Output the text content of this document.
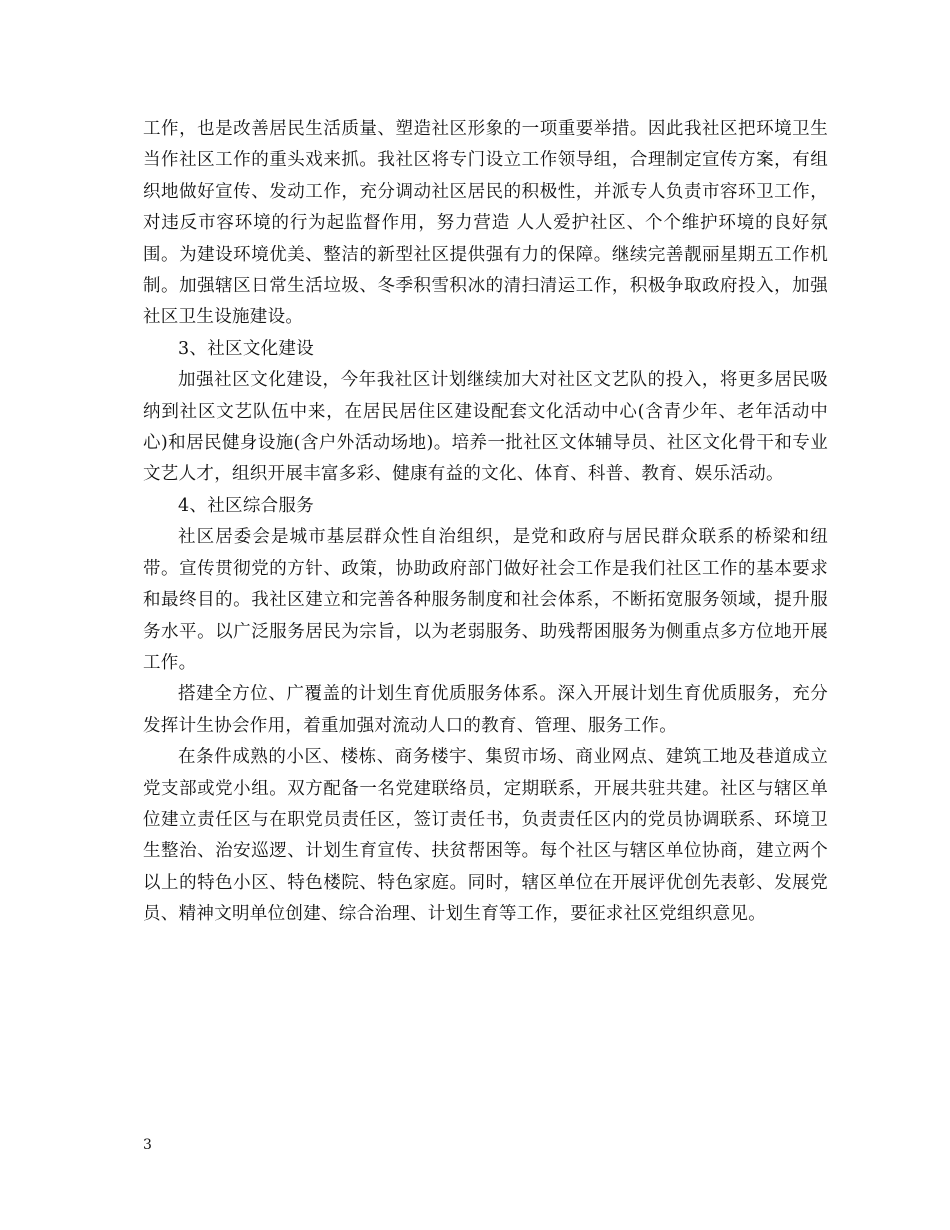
工作，也是改善居民生活质量、塑造社区形象的一项重要举措。因此我社区把环境卫生当作社区工作的重头戏来抓。我社区将专门设立工作领导组，合理制定宣传方案，有组织地做好宣传、发动工作，充分调动社区居民的积极性，并派专人负责市容环卫工作，对违反市容环境的行为起监督作用，努力营造 人人爱护社区、个个维护环境的良好氛围。为建设环境优美、整洁的新型社区提供强有力的保障。继续完善靓丽星期五工作机制。加强辖区日常生活垃圾、冬季积雪积冰的清扫清运工作，积极争取政府投入，加强社区卫生设施建设。

3、社区文化建设

加强社区文化建设，今年我社区计划继续加大对社区文艺队的投入，将更多居民吸纳到社区文艺队伍中来，在居民居住区建设配套文化活动中心(含青少年、老年活动中心)和居民健身设施(含户外活动场地)。培养一批社区文体辅导员、社区文化骨干和专业文艺人才，组织开展丰富多彩、健康有益的文化、体育、科普、教育、娱乐活动。

4、社区综合服务

社区居委会是城市基层群众性自治组织，是党和政府与居民群众联系的桥梁和纽带。宣传贯彻党的方针、政策，协助政府部门做好社会工作是我们社区工作的基本要求和最终目的。我社区建立和完善各种服务制度和社会体系，不断拓宽服务领域，提升服务水平。以广泛服务居民为宗旨，以为老弱服务、助残帮困服务为侧重点多方位地开展工作。

搭建全方位、广覆盖的计划生育优质服务体系。深入开展计划生育优质服务，充分发挥计生协会作用，着重加强对流动人口的教育、管理、服务工作。

在条件成熟的小区、楼栋、商务楼宇、集贸市场、商业网点、建筑工地及巷道成立党支部或党小组。双方配备一名党建联络员，定期联系，开展共驻共建。社区与辖区单位建立责任区与在职党员责任区，签订责任书，负责责任区内的党员协调联系、环境卫生整治、治安巡逻、计划生育宣传、扶贫帮困等。每个社区与辖区单位协商，建立两个以上的特色小区、特色楼院、特色家庭。同时，辖区单位在开展评优创先表彰、发展党员、精神文明单位创建、综合治理、计划生育等工作，要征求社区党组织意见。

3
